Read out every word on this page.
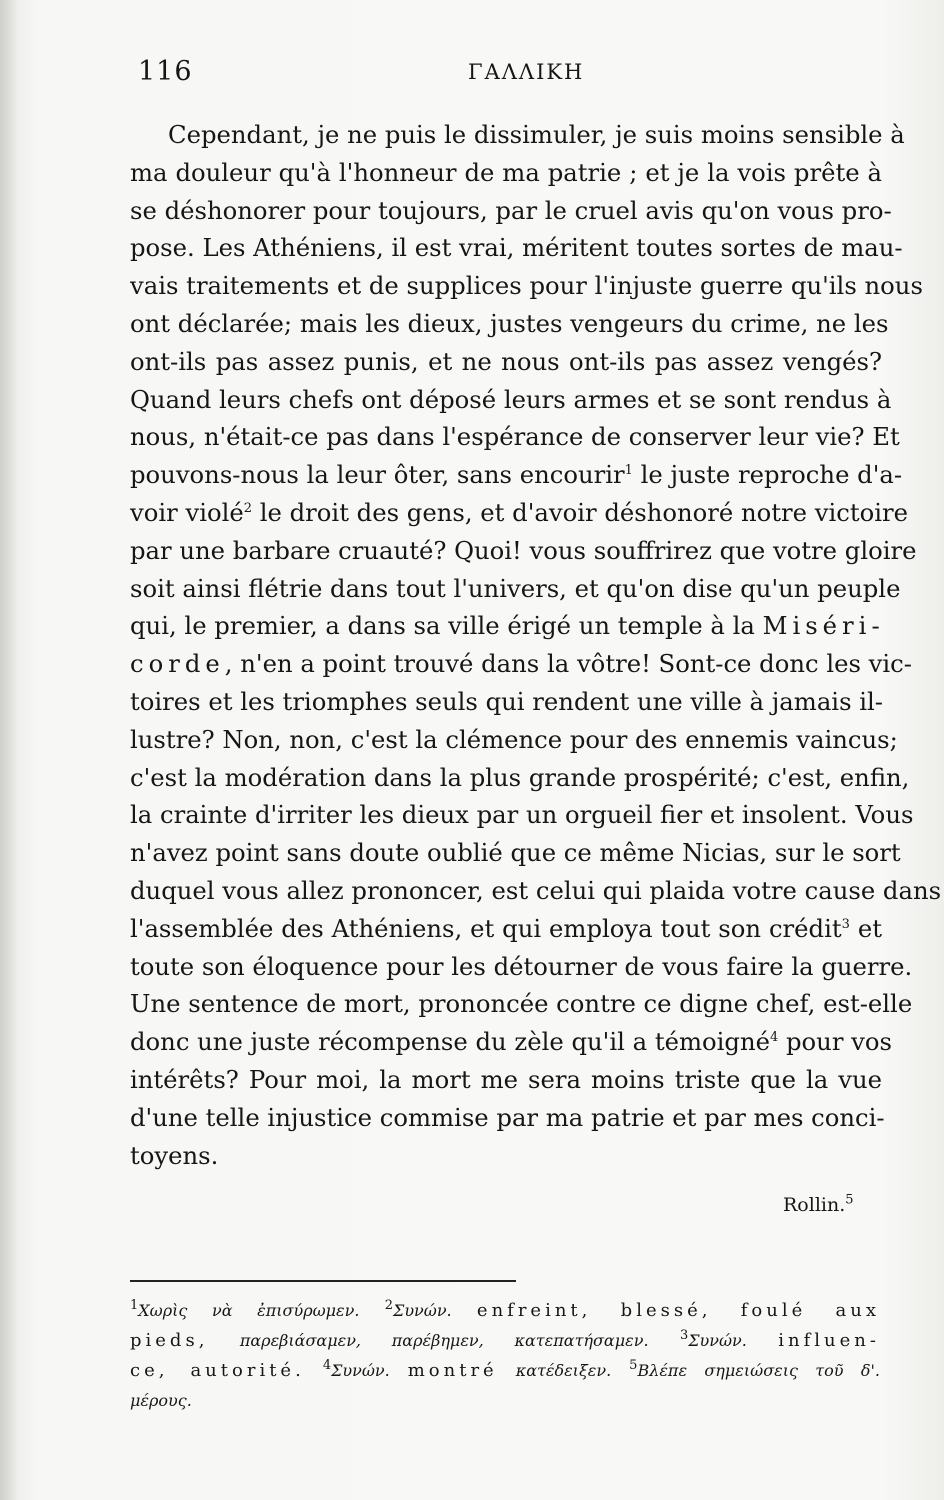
116	ΓΑΛΛΙΚΗ
Cependant, je ne puis le dissimuler, je suis moins sensible à
ma douleur qu'à l'honneur de ma patrie ; et je la vois prête à
se déshonorer pour toujours, par le cruel avis qu'on vous pro-
pose. Les Athéniens, il est vrai, méritent toutes sortes de mau-
vais traitements et de supplices pour l'injuste guerre qu'ils nous
ont déclarée; mais les dieux, justes vengeurs du crime, ne les
ont-ils pas assez punis, et ne nous ont-ils pas assez vengés?
Quand leurs chefs ont déposé leurs armes et se sont rendus à
nous, n'était-ce pas dans l'espérance de conserver leur vie? Et
pouvons-nous la leur ôter, sans encourir$^1$ le juste reproche d'a-
voir violé$^2$ le droit des gens, et d'avoir déshonoré notre victoire
par une barbare cruauté? Quoi! vous souffrirez que votre gloire
soit ainsi flétrie dans tout l'univers, et qu'on dise qu'un peuple
qui, le premier, a dans sa ville érigé un temple à la Miséri-
corde, n'en a point trouvé dans la vôtre! Sont-ce donc les vic-
toires et les triomphes seuls qui rendent une ville à jamais il-
lustre? Non, non, c'est la clémence pour des ennemis vaincus;
c'est la modération dans la plus grande prospérité; c'est, enfin,
la crainte d'irriter les dieux par un orgueil fier et insolent. Vous
n'avez point sans doute oublié que ce même Nicias, sur le sort
duquel vous allez prononcer, est celui qui plaida votre cause dans
l'assemblée des Athéniens, et qui employa tout son crédit$^3$ et
toute son éloquence pour les détourner de vous faire la guerre.
Une sentence de mort, prononcée contre ce digne chef, est-elle
donc une juste récompense du zèle qu'il a témoigné$^4$ pour vos
intérêts? Pour moi, la mort me sera moins triste que la vue
d'une telle injustice commise par ma patrie et par mes conci-
toyens.
Rollin.$^5$
$^1$Χωρὶς νὰ ἐπισύρωμεν. $^2$Συνών. enfreint, blessé, foulé aux
pieds, παρεβιάσαμεν, παρέβημεν, κατεπατήσαμεν. $^3$Συνών. influen-
ce, autorité. $^4$Συνών. montré κατέδειξεν. $^5$Βλέπε σημειώσεις τοῦ δ'.
μέρους.
